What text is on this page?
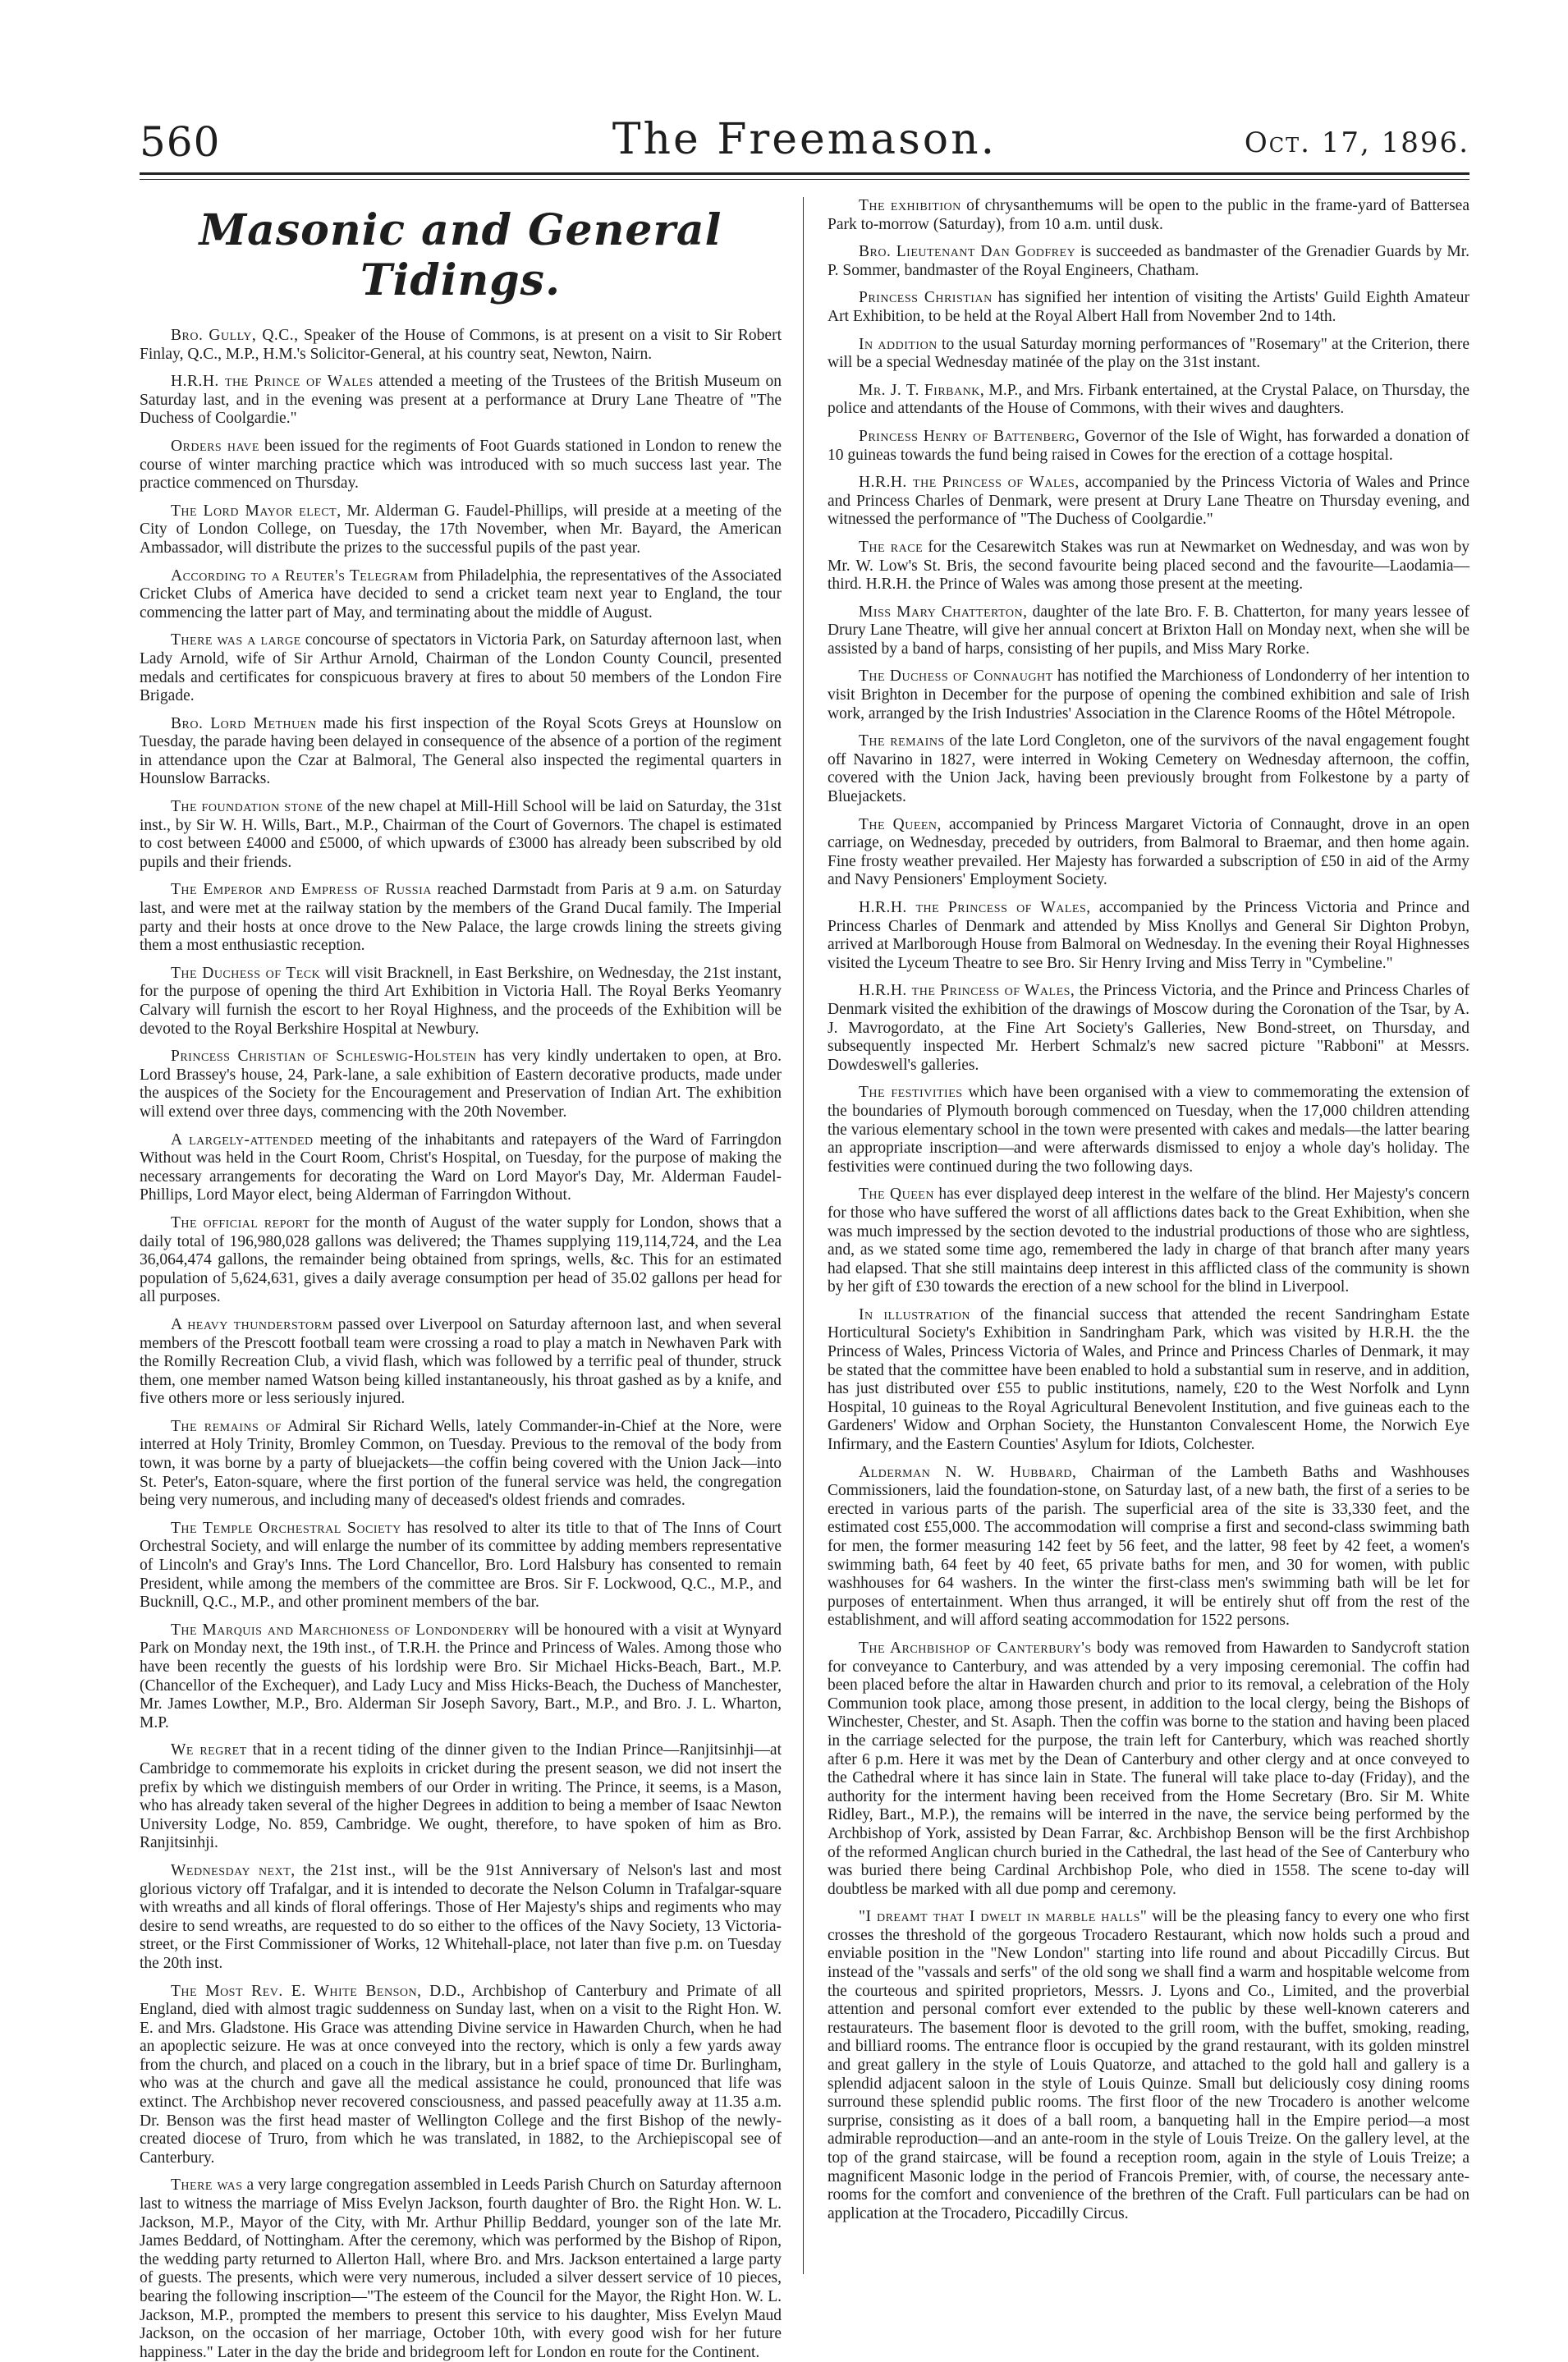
560	The Freemason.	Oct. 17, 1896.
Masonic and General Tidings.

Bro. Gully, Q.C., Speaker of the House of Commons, is at present on a visit to Sir Robert Finlay, Q.C., M.P., H.M.'s Solicitor-General, at his country seat, Newton, Nairn.

H.R.H. the Prince of Wales attended a meeting of the Trustees of the British Museum on Saturday last, and in the evening was present at a performance at Drury Lane Theatre of "The Duchess of Coolgardie."

Orders have been issued for the regiments of Foot Guards stationed in London to renew the course of winter marching practice which was introduced with so much success last year. The practice commenced on Thursday.

The Lord Mayor elect, Mr. Alderman G. Faudel-Phillips, will preside at a meeting of the City of London College, on Tuesday, the 17th November, when Mr. Bayard, the American Ambassador, will distribute the prizes to the successful pupils of the past year.

According to a Reuter's Telegram from Philadelphia, the representatives of the Associated Cricket Clubs of America have decided to send a cricket team next year to England, the tour commencing the latter part of May, and terminating about the middle of August.

There was a large concourse of spectators in Victoria Park, on Saturday afternoon last, when Lady Arnold, wife of Sir Arthur Arnold, Chairman of the London County Council, presented medals and certificates for conspicuous bravery at fires to about 50 members of the London Fire Brigade.

Bro. Lord Methuen made his first inspection of the Royal Scots Greys at Hounslow on Tuesday, the parade having been delayed in consequence of the absence of a portion of the regiment in attendance upon the Czar at Balmoral, The General also inspected the regimental quarters in Hounslow Barracks.

The foundation stone of the new chapel at Mill-Hill School will be laid on Saturday, the 31st inst., by Sir W. H. Wills, Bart., M.P., Chairman of the Court of Governors. The chapel is estimated to cost between £4000 and £5000, of which upwards of £3000 has already been subscribed by old pupils and their friends.

The Emperor and Empress of Russia reached Darmstadt from Paris at 9 a.m. on Saturday last, and were met at the railway station by the members of the Grand Ducal family. The Imperial party and their hosts at once drove to the New Palace, the large crowds lining the streets giving them a most enthusiastic reception.

The Duchess of Teck will visit Bracknell, in East Berkshire, on Wednesday, the 21st instant, for the purpose of opening the third Art Exhibition in Victoria Hall. The Royal Berks Yeomanry Calvary will furnish the escort to her Royal Highness, and the proceeds of the Exhibition will be devoted to the Royal Berkshire Hospital at Newbury.

Princess Christian of Schleswig-Holstein has very kindly undertaken to open, at Bro. Lord Brassey's house, 24, Park-lane, a sale exhibition of Eastern decorative products, made under the auspices of the Society for the Encouragement and Preservation of Indian Art. The exhibition will extend over three days, commencing with the 20th November.

A largely-attended meeting of the inhabitants and ratepayers of the Ward of Farringdon Without was held in the Court Room, Christ's Hospital, on Tuesday, for the purpose of making the necessary arrangements for decorating the Ward on Lord Mayor's Day, Mr. Alderman Faudel-Phillips, Lord Mayor elect, being Alderman of Farringdon Without.

The official report for the month of August of the water supply for London, shows that a daily total of 196,980,028 gallons was delivered; the Thames supplying 119,114,724, and the Lea 36,064,474 gallons, the remainder being obtained from springs, wells, &c. This for an estimated population of 5,624,631, gives a daily average consumption per head of 35.02 gallons per head for all purposes.

A heavy thunderstorm passed over Liverpool on Saturday afternoon last, and when several members of the Prescott football team were crossing a road to play a match in Newhaven Park with the Romilly Recreation Club, a vivid flash, which was followed by a terrific peal of thunder, struck them, one member named Watson being killed instantaneously, his throat gashed as by a knife, and five others more or less seriously injured.

The remains of Admiral Sir Richard Wells, lately Commander-in-Chief at the Nore, were interred at Holy Trinity, Bromley Common, on Tuesday. Previous to the removal of the body from town, it was borne by a party of bluejackets—the coffin being covered with the Union Jack—into St. Peter's, Eaton-square, where the first portion of the funeral service was held, the congregation being very numerous, and including many of deceased's oldest friends and comrades.

The Temple Orchestral Society has resolved to alter its title to that of The Inns of Court Orchestral Society, and will enlarge the number of its committee by adding members representative of Lincoln's and Gray's Inns. The Lord Chancellor, Bro. Lord Halsbury has consented to remain President, while among the members of the committee are Bros. Sir F. Lockwood, Q.C., M.P., and Bucknill, Q.C., M.P., and other prominent members of the bar.

The Marquis and Marchioness of Londonderry will be honoured with a visit at Wynyard Park on Monday next, the 19th inst., of T.R.H. the Prince and Princess of Wales. Among those who have been recently the guests of his lordship were Bro. Sir Michael Hicks-Beach, Bart., M.P. (Chancellor of the Exchequer), and Lady Lucy and Miss Hicks-Beach, the Duchess of Manchester, Mr. James Lowther, M.P., Bro. Alderman Sir Joseph Savory, Bart., M.P., and Bro. J. L. Wharton, M.P.

We regret that in a recent tiding of the dinner given to the Indian Prince—Ranjitsinhji—at Cambridge to commemorate his exploits in cricket during the present season, we did not insert the prefix by which we distinguish members of our Order in writing. The Prince, it seems, is a Mason, who has already taken several of the higher Degrees in addition to being a member of Isaac Newton University Lodge, No. 859, Cambridge. We ought, therefore, to have spoken of him as Bro. Ranjitsinhji.

Wednesday next, the 21st inst., will be the 91st Anniversary of Nelson's last and most glorious victory off Trafalgar, and it is intended to decorate the Nelson Column in Trafalgar-square with wreaths and all kinds of floral offerings. Those of Her Majesty's ships and regiments who may desire to send wreaths, are requested to do so either to the offices of the Navy Society, 13 Victoria-street, or the First Commissioner of Works, 12 Whitehall-place, not later than five p.m. on Tuesday the 20th inst.

The Most Rev. E. White Benson, D.D., Archbishop of Canterbury and Primate of all England, died with almost tragic suddenness on Sunday last, when on a visit to the Right Hon. W. E. and Mrs. Gladstone. His Grace was attending Divine service in Hawarden Church, when he had an apoplectic seizure. He was at once conveyed into the rectory, which is only a few yards away from the church, and placed on a couch in the library, but in a brief space of time Dr. Burlingham, who was at the church and gave all the medical assistance he could, pronounced that life was extinct. The Archbishop never recovered consciousness, and passed peacefully away at 11.35 a.m. Dr. Benson was the first head master of Wellington College and the first Bishop of the newly-created diocese of Truro, from which he was translated, in 1882, to the Archiepiscopal see of Canterbury.

There was a very large congregation assembled in Leeds Parish Church on Saturday afternoon last to witness the marriage of Miss Evelyn Jackson, fourth daughter of Bro. the Right Hon. W. L. Jackson, M.P., Mayor of the City, with Mr. Arthur Phillip Beddard, younger son of the late Mr. James Beddard, of Nottingham. After the ceremony, which was performed by the Bishop of Ripon, the wedding party returned to Allerton Hall, where Bro. and Mrs. Jackson entertained a large party of guests. The presents, which were very numerous, included a silver dessert service of 10 pieces, bearing the following inscription—"The esteem of the Council for the Mayor, the Right Hon. W. L. Jackson, M.P., prompted the members to present this service to his daughter, Miss Evelyn Maud Jackson, on the occasion of her marriage, October 10th, with every good wish for her future happiness." Later in the day the bride and bridegroom left for London en route for the Continent.

The exhibition of chrysanthemums will be open to the public in the frame-yard of Battersea Park to-morrow (Saturday), from 10 a.m. until dusk.

Bro. Lieutenant Dan Godfrey is succeeded as bandmaster of the Grenadier Guards by Mr. P. Sommer, bandmaster of the Royal Engineers, Chatham.

Princess Christian has signified her intention of visiting the Artists' Guild Eighth Amateur Art Exhibition, to be held at the Royal Albert Hall from November 2nd to 14th.

In addition to the usual Saturday morning performances of "Rosemary" at the Criterion, there will be a special Wednesday matinée of the play on the 31st instant.

Mr. J. T. Firbank, M.P., and Mrs. Firbank entertained, at the Crystal Palace, on Thursday, the police and attendants of the House of Commons, with their wives and daughters.

Princess Henry of Battenberg, Governor of the Isle of Wight, has forwarded a donation of 10 guineas towards the fund being raised in Cowes for the erection of a cottage hospital.

H.R.H. the Princess of Wales, accompanied by the Princess Victoria of Wales and Prince and Princess Charles of Denmark, were present at Drury Lane Theatre on Thursday evening, and witnessed the performance of "The Duchess of Coolgardie."

The race for the Cesarewitch Stakes was run at Newmarket on Wednesday, and was won by Mr. W. Low's St. Bris, the second favourite being placed second and the favourite—Laodamia—third. H.R.H. the Prince of Wales was among those present at the meeting.

Miss Mary Chatterton, daughter of the late Bro. F. B. Chatterton, for many years lessee of Drury Lane Theatre, will give her annual concert at Brixton Hall on Monday next, when she will be assisted by a band of harps, consisting of her pupils, and Miss Mary Rorke.

The Duchess of Connaught has notified the Marchioness of Londonderry of her intention to visit Brighton in December for the purpose of opening the combined exhibition and sale of Irish work, arranged by the Irish Industries' Association in the Clarence Rooms of the Hôtel Métropole.

The remains of the late Lord Congleton, one of the survivors of the naval engagement fought off Navarino in 1827, were interred in Woking Cemetery on Wednesday afternoon, the coffin, covered with the Union Jack, having been previously brought from Folkestone by a party of Bluejackets.

The Queen, accompanied by Princess Margaret Victoria of Connaught, drove in an open carriage, on Wednesday, preceded by outriders, from Balmoral to Braemar, and then home again. Fine frosty weather prevailed. Her Majesty has forwarded a subscription of £50 in aid of the Army and Navy Pensioners' Employment Society.

H.R.H. the Princess of Wales, accompanied by the Princess Victoria and Prince and Princess Charles of Denmark and attended by Miss Knollys and General Sir Dighton Probyn, arrived at Marlborough House from Balmoral on Wednesday. In the evening their Royal Highnesses visited the Lyceum Theatre to see Bro. Sir Henry Irving and Miss Terry in "Cymbeline."

H.R.H. the Princess of Wales, the Princess Victoria, and the Prince and Princess Charles of Denmark visited the exhibition of the drawings of Moscow during the Coronation of the Tsar, by A. J. Mavrogordato, at the Fine Art Society's Galleries, New Bond-street, on Thursday, and subsequently inspected Mr. Herbert Schmalz's new sacred picture "Rabboni" at Messrs. Dowdeswell's galleries.

The festivities which have been organised with a view to commemorating the extension of the boundaries of Plymouth borough commenced on Tuesday, when the 17,000 children attending the various elementary school in the town were presented with cakes and medals—the latter bearing an appropriate inscription—and were afterwards dismissed to enjoy a whole day's holiday. The festivities were continued during the two following days.

The Queen has ever displayed deep interest in the welfare of the blind. Her Majesty's concern for those who have suffered the worst of all afflictions dates back to the Great Exhibition, when she was much impressed by the section devoted to the industrial productions of those who are sightless, and, as we stated some time ago, remembered the lady in charge of that branch after many years had elapsed. That she still maintains deep interest in this afflicted class of the community is shown by her gift of £30 towards the erection of a new school for the blind in Liverpool.

In illustration of the financial success that attended the recent Sandringham Estate Horticultural Society's Exhibition in Sandringham Park, which was visited by H.R.H. the the Princess of Wales, Princess Victoria of Wales, and Prince and Princess Charles of Denmark, it may be stated that the committee have been enabled to hold a substantial sum in reserve, and in addition, has just distributed over £55 to public institutions, namely, £20 to the West Norfolk and Lynn Hospital, 10 guineas to the Royal Agricultural Benevolent Institution, and five guineas each to the Gardeners' Widow and Orphan Society, the Hunstanton Convalescent Home, the Norwich Eye Infirmary, and the Eastern Counties' Asylum for Idiots, Colchester.

Alderman N. W. Hubbard, Chairman of the Lambeth Baths and Washhouses Commissioners, laid the foundation-stone, on Saturday last, of a new bath, the first of a series to be erected in various parts of the parish. The superficial area of the site is 33,330 feet, and the estimated cost £55,000. The accommodation will comprise a first and second-class swimming bath for men, the former measuring 142 feet by 56 feet, and the latter, 98 feet by 42 feet, a women's swimming bath, 64 feet by 40 feet, 65 private baths for men, and 30 for women, with public washhouses for 64 washers. In the winter the first-class men's swimming bath will be let for purposes of entertainment. When thus arranged, it will be entirely shut off from the rest of the establishment, and will afford seating accommodation for 1522 persons.

The Archbishop of Canterbury's body was removed from Hawarden to Sandycroft station for conveyance to Canterbury, and was attended by a very imposing ceremonial. The coffin had been placed before the altar in Hawarden church and prior to its removal, a celebration of the Holy Communion took place, among those present, in addition to the local clergy, being the Bishops of Winchester, Chester, and St. Asaph. Then the coffin was borne to the station and having been placed in the carriage selected for the purpose, the train left for Canterbury, which was reached shortly after 6 p.m. Here it was met by the Dean of Canterbury and other clergy and at once conveyed to the Cathedral where it has since lain in State. The funeral will take place to-day (Friday), and the authority for the interment having been received from the Home Secretary (Bro. Sir M. White Ridley, Bart., M.P.), the remains will be interred in the nave, the service being performed by the Archbishop of York, assisted by Dean Farrar, &c. Archbishop Benson will be the first Archbishop of the reformed Anglican church buried in the Cathedral, the last head of the See of Canterbury who was buried there being Cardinal Archbishop Pole, who died in 1558. The scene to-day will doubtless be marked with all due pomp and ceremony.

"I dreamt that I dwelt in marble halls" will be the pleasing fancy to every one who first crosses the threshold of the gorgeous Trocadero Restaurant, which now holds such a proud and enviable position in the "New London" starting into life round and about Piccadilly Circus. But instead of the "vassals and serfs" of the old song we shall find a warm and hospitable welcome from the courteous and spirited proprietors, Messrs. J. Lyons and Co., Limited, and the proverbial attention and personal comfort ever extended to the public by these well-known caterers and restaurateurs. The basement floor is devoted to the grill room, with the buffet, smoking, reading, and billiard rooms. The entrance floor is occupied by the grand restaurant, with its golden minstrel and great gallery in the style of Louis Quatorze, and attached to the gold hall and gallery is a splendid adjacent saloon in the style of Louis Quinze. Small but deliciously cosy dining rooms surround these splendid public rooms. The first floor of the new Trocadero is another welcome surprise, consisting as it does of a ball room, a banqueting hall in the Empire period—a most admirable reproduction—and an ante-room in the style of Louis Treize. On the gallery level, at the top of the grand staircase, will be found a reception room, again in the style of Louis Treize; a magnificent Masonic lodge in the period of Francois Premier, with, of course, the necessary ante-rooms for the comfort and convenience of the brethren of the Craft. Full particulars can be had on application at the Trocadero, Piccadilly Circus.
